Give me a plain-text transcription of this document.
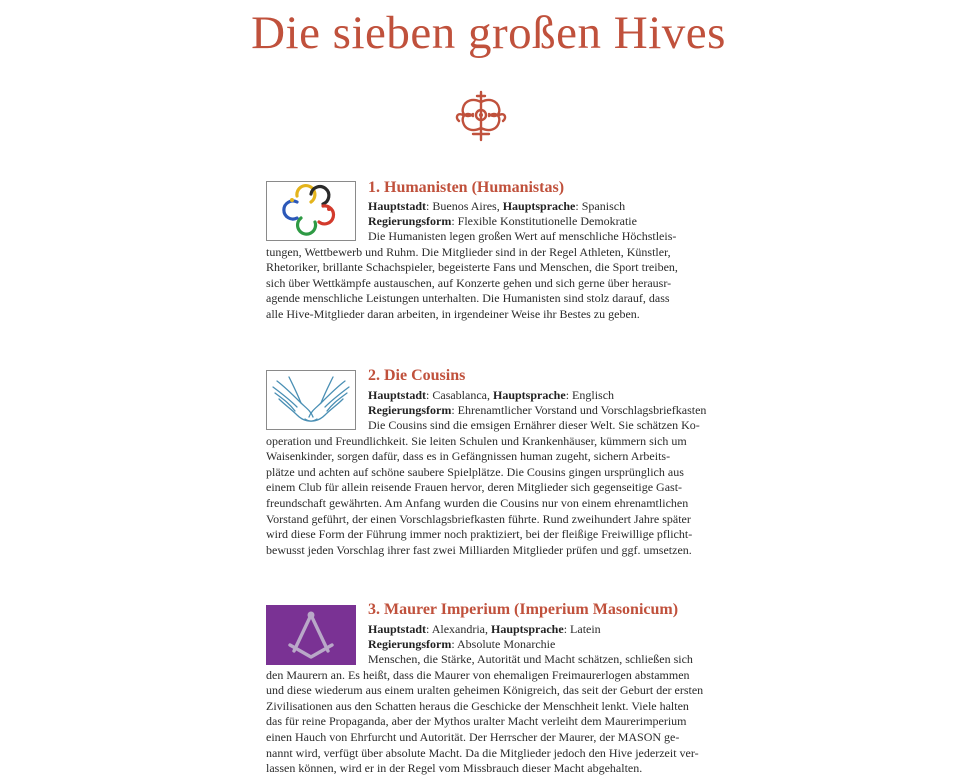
Die sieben großen Hives
1. Humanisten (Humanistas)
Hauptstadt: Buenos Aires, Hauptsprache: Spanisch
Regierungsform: Flexible Konstitutionelle Demokratie
Die Humanisten legen großen Wert auf menschliche Höchstleis-
tungen, Wettbewerb und Ruhm. Die Mitglieder sind in der Regel Athleten, Künstler,
Rhetoriker, brillante Schachspieler, begeisterte Fans und Menschen, die Sport treiben,
sich über Wettkämpfe austauschen, auf Konzerte gehen und sich gerne über herausr-
agende menschliche Leistungen unterhalten. Die Humanisten sind stolz darauf, dass
alle Hive-Mitglieder daran arbeiten, in irgendeiner Weise ihr Bestes zu geben.
2. Die Cousins
Hauptstadt: Casablanca, Hauptsprache: Englisch
Regierungsform: Ehrenamtlicher Vorstand und Vorschlagsbriefkasten
Die Cousins sind die emsigen Ernährer dieser Welt. Sie schätzen Ko-
operation und Freundlichkeit. Sie leiten Schulen und Krankenhäuser, kümmern sich um
Waisenkinder, sorgen dafür, dass es in Gefängnissen human zugeht, sichern Arbeits-
plätze und achten auf schöne saubere Spielplätze. Die Cousins gingen ursprünglich aus
einem Club für allein reisende Frauen hervor, deren Mitglieder sich gegenseitige Gast-
freundschaft gewährten. Am Anfang wurden die Cousins nur von einem ehrenamtlichen
Vorstand geführt, der einen Vorschlagsbriefkasten führte. Rund zweihundert Jahre später
wird diese Form der Führung immer noch praktiziert, bei der fleißige Freiwillige pflicht-
bewusst jeden Vorschlag ihrer fast zwei Milliarden Mitglieder prüfen und ggf. umsetzen.
3. Maurer Imperium (Imperium Masonicum)
Hauptstadt: Alexandria, Hauptsprache: Latein
Regierungsform: Absolute Monarchie
Menschen, die Stärke, Autorität und Macht schätzen, schließen sich
den Maurern an. Es heißt, dass die Maurer von ehemaligen Freimaurerlogen abstammen
und diese wiederum aus einem uralten geheimen Königreich, das seit der Geburt der ersten
Zivilisationen aus den Schatten heraus die Geschicke der Menschheit lenkt. Viele halten
das für reine Propaganda, aber der Mythos uralter Macht verleiht dem Maurerimperium
einen Hauch von Ehrfurcht und Autorität. Der Herrscher der Maurer, der MASON ge-
nannt wird, verfügt über absolute Macht. Da die Mitglieder jedoch den Hive jederzeit ver-
lassen können, wird er in der Regel vom Missbrauch dieser Macht abgehalten.
